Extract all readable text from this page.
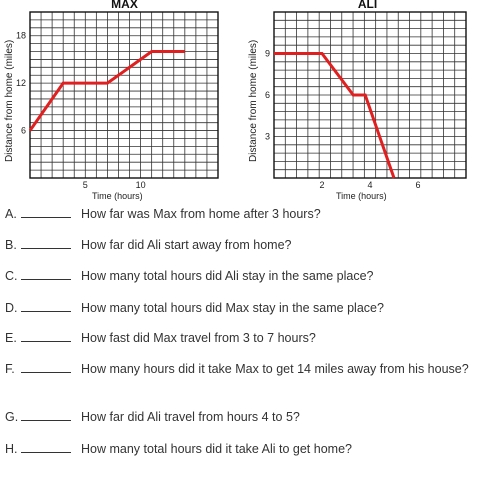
MAX
Distance from home (miles) 6
12
18
5	10
Time (hours)
ALI
Distance from home (miles) 3
6
9
2	4	6
Time (hours)
A.	How far was Max from home after 3 hours?
B.	How far did Ali start away from home?
C.	How many total hours did Ali stay in the same place?
D.	How many total hours did Max stay in the same place?
E.	How fast did Max travel from 3 to 7 hours?
F.	How many hours did it take Max to get 14 miles away from his house?
G.	How far did Ali travel from hours 4 to 5?
H.	How many total hours did it take Ali to get home?
